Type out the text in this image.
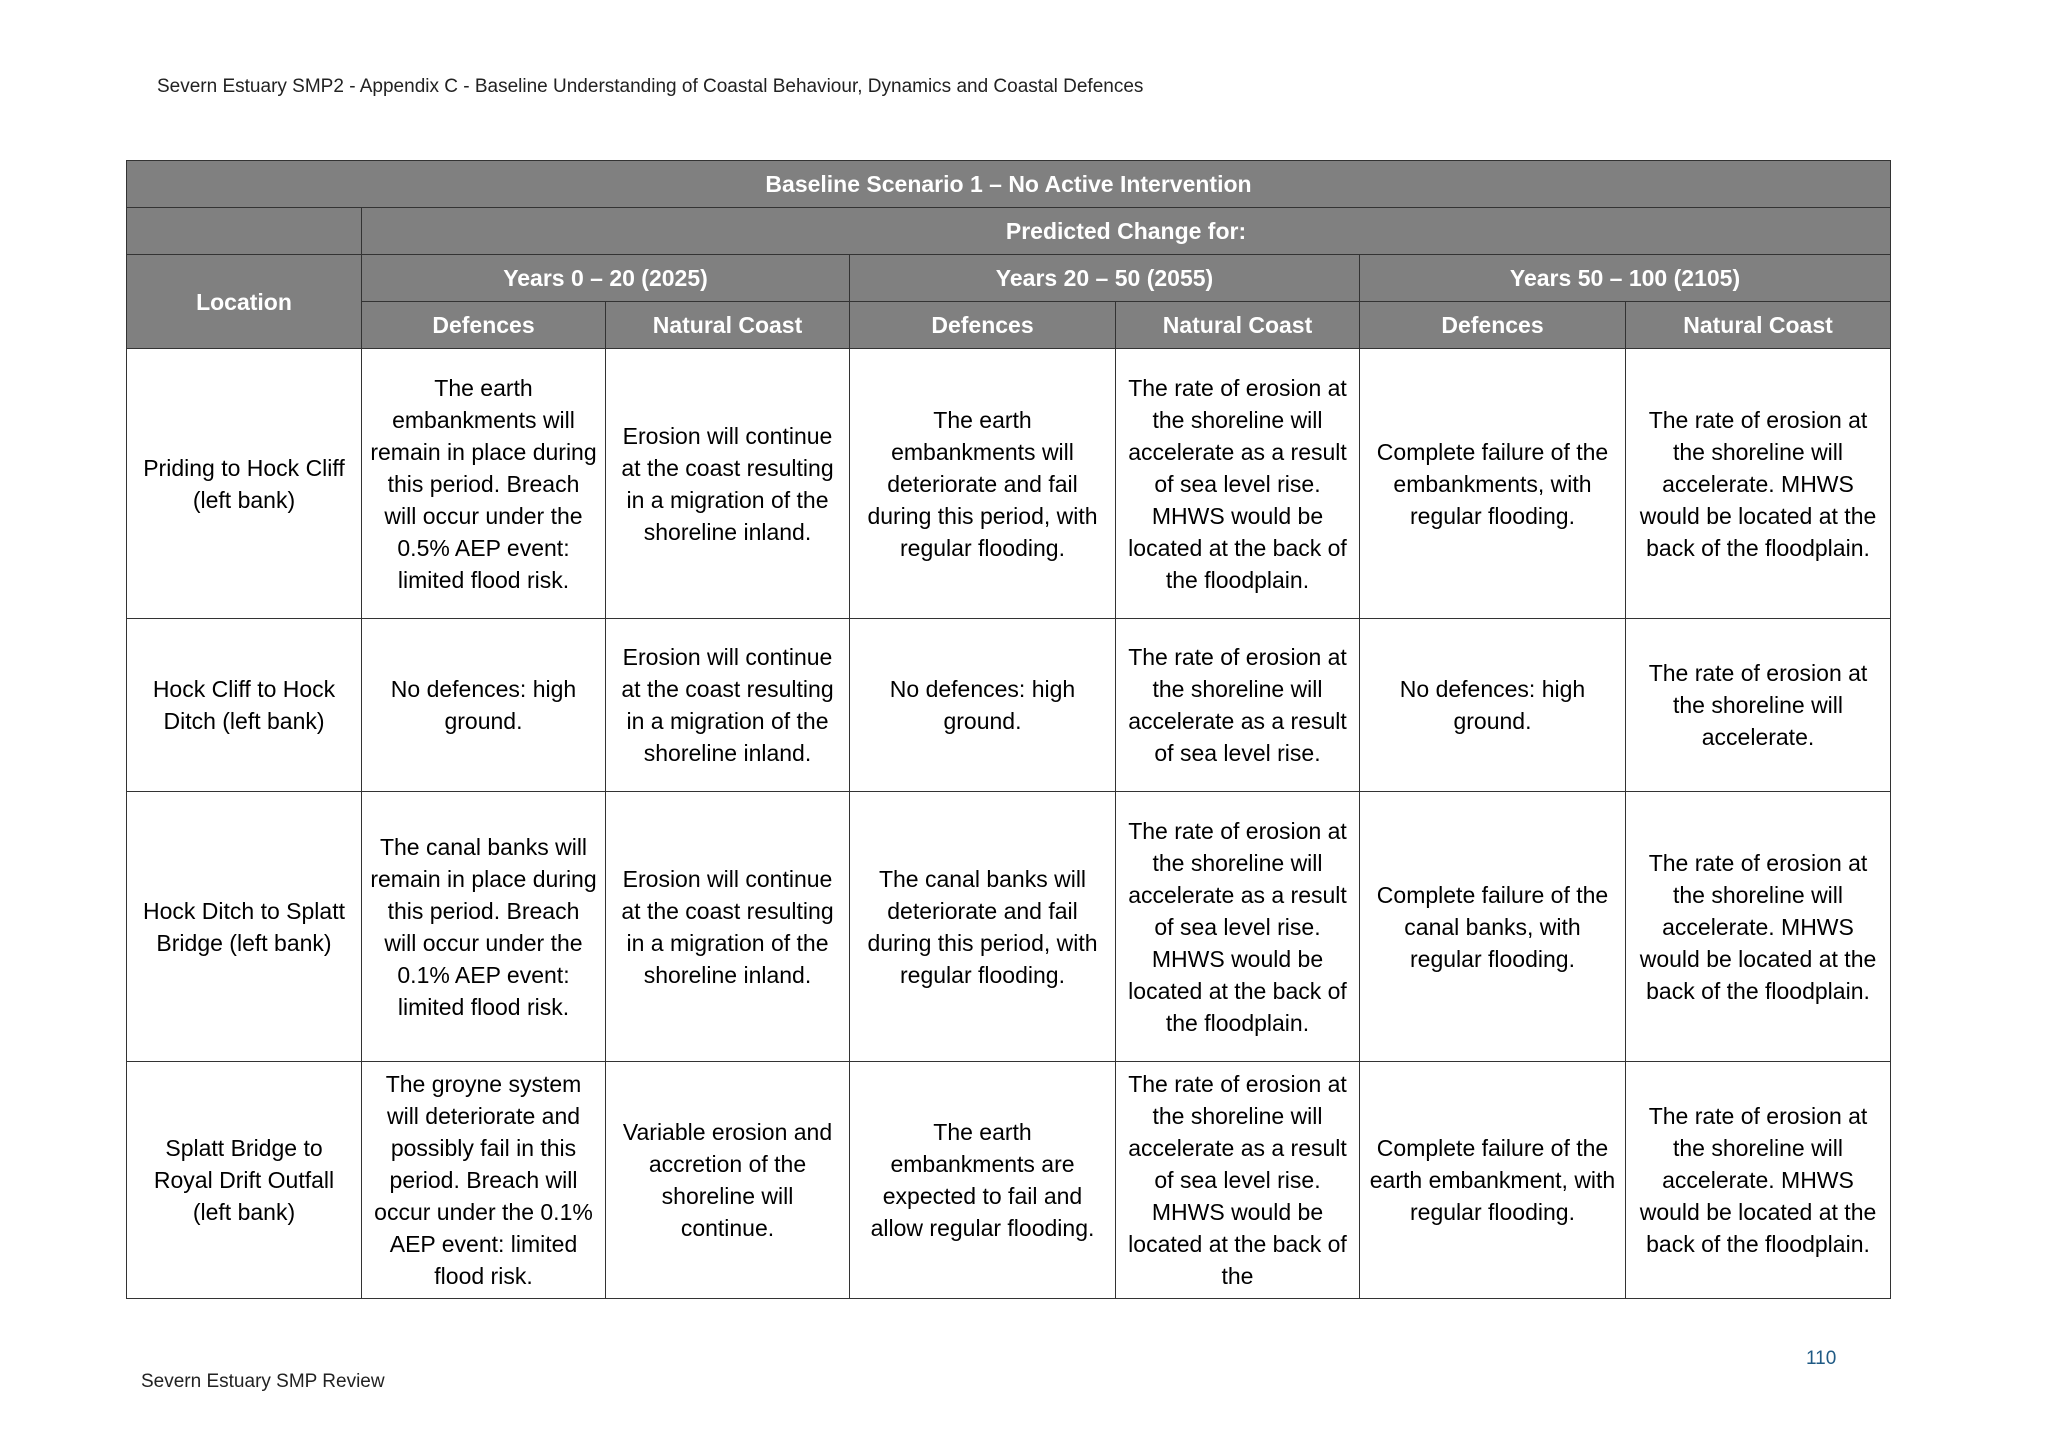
Severn Estuary SMP2 - Appendix C - Baseline Understanding of Coastal Behaviour, Dynamics and Coastal Defences
Baseline Scenario 1 – No Active Intervention						
	Predicted Change for:					
Location	Years 0 – 20 (2025)		Years 20 – 50 (2055)		Years 50 – 100 (2105)	
	Defences	Natural Coast	Defences	Natural Coast	Defences	Natural Coast
Priding to Hock Cliff (left bank)	The earth embankments will remain in place during this period. Breach will occur under the 0.5% AEP event: limited flood risk.	Erosion will continue at the coast resulting in a migration of the shoreline inland.	The earth embankments will deteriorate and fail during this period, with regular flooding.	The rate of erosion at the shoreline will accelerate as a result of sea level rise. MHWS would be located at the back of the floodplain.	Complete failure of the embankments, with regular flooding.	The rate of erosion at the shoreline will accelerate. MHWS would be located at the back of the floodplain.
Hock Cliff to Hock Ditch (left bank)	No defences: high ground.	Erosion will continue at the coast resulting in a migration of the shoreline inland.	No defences: high ground.	The rate of erosion at the shoreline will accelerate as a result of sea level rise.	No defences: high ground.	The rate of erosion at the shoreline will accelerate.
Hock Ditch to Splatt Bridge (left bank)	The canal banks will remain in place during this period. Breach will occur under the 0.1% AEP event: limited flood risk.	Erosion will continue at the coast resulting in a migration of the shoreline inland.	The canal banks will deteriorate and fail during this period, with regular flooding.	The rate of erosion at the shoreline will accelerate as a result of sea level rise. MHWS would be located at the back of the floodplain.	Complete failure of the canal banks, with regular flooding.	The rate of erosion at the shoreline will accelerate. MHWS would be located at the back of the floodplain.
Splatt Bridge to Royal Drift Outfall (left bank)	The groyne system will deteriorate and possibly fail in this period. Breach will occur under the 0.1% AEP event: limited flood risk.	Variable erosion and accretion of the shoreline will continue.	The earth embankments are expected to fail and allow regular flooding.	The rate of erosion at the shoreline will accelerate as a result of sea level rise. MHWS would be located at the back of the	Complete failure of the earth embankment, with regular flooding.	The rate of erosion at the shoreline will accelerate. MHWS would be located at the back of the floodplain.
110
Severn Estuary SMP Review
